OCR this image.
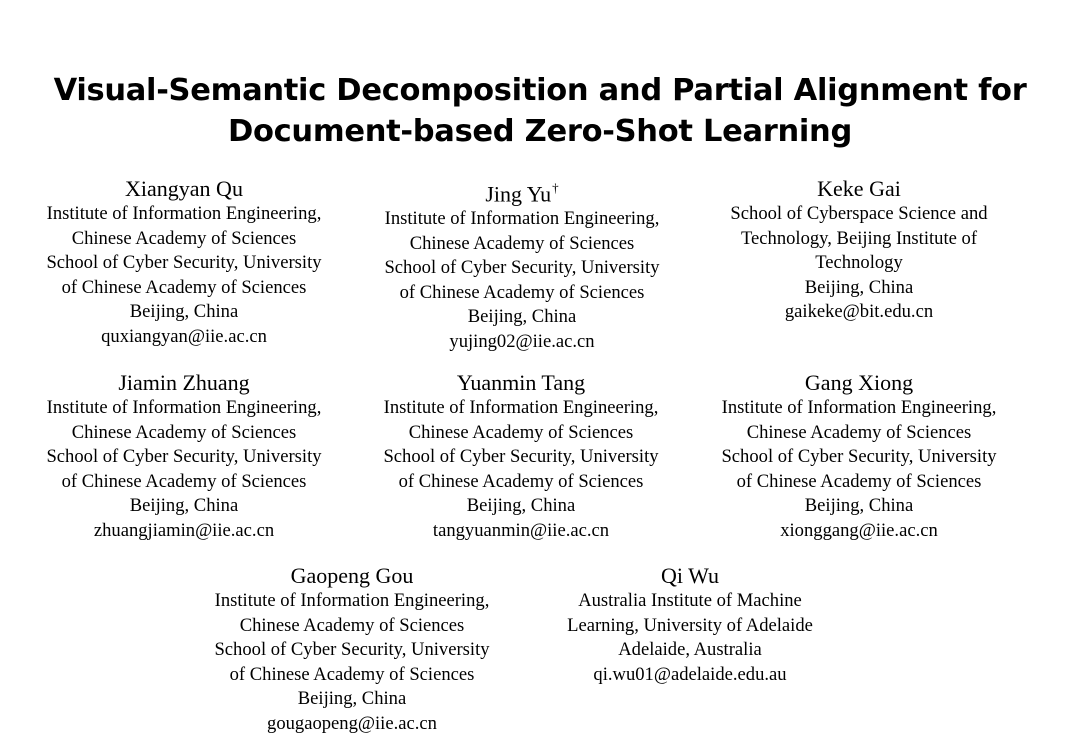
Visual-Semantic Decomposition and Partial Alignment for
Document-based Zero-Shot Learning
Xiangyan Qu
Institute of Information Engineering,
Chinese Academy of Sciences
School of Cyber Security, University
of Chinese Academy of Sciences
Beijing, China
quxiangyan@iie.ac.cn
Jing Yu†
Institute of Information Engineering,
Chinese Academy of Sciences
School of Cyber Security, University
of Chinese Academy of Sciences
Beijing, China
yujing02@iie.ac.cn
Keke Gai
School of Cyberspace Science and
Technology, Beijing Institute of
Technology
Beijing, China
gaikeke@bit.edu.cn
Jiamin Zhuang
Institute of Information Engineering,
Chinese Academy of Sciences
School of Cyber Security, University
of Chinese Academy of Sciences
Beijing, China
zhuangjiamin@iie.ac.cn
Yuanmin Tang
Institute of Information Engineering,
Chinese Academy of Sciences
School of Cyber Security, University
of Chinese Academy of Sciences
Beijing, China
tangyuanmin@iie.ac.cn
Gang Xiong
Institute of Information Engineering,
Chinese Academy of Sciences
School of Cyber Security, University
of Chinese Academy of Sciences
Beijing, China
xionggang@iie.ac.cn
Gaopeng Gou
Institute of Information Engineering,
Chinese Academy of Sciences
School of Cyber Security, University
of Chinese Academy of Sciences
Beijing, China
gougaopeng@iie.ac.cn
Qi Wu
Australia Institute of Machine
Learning, University of Adelaide
Adelaide, Australia
qi.wu01@adelaide.edu.au
